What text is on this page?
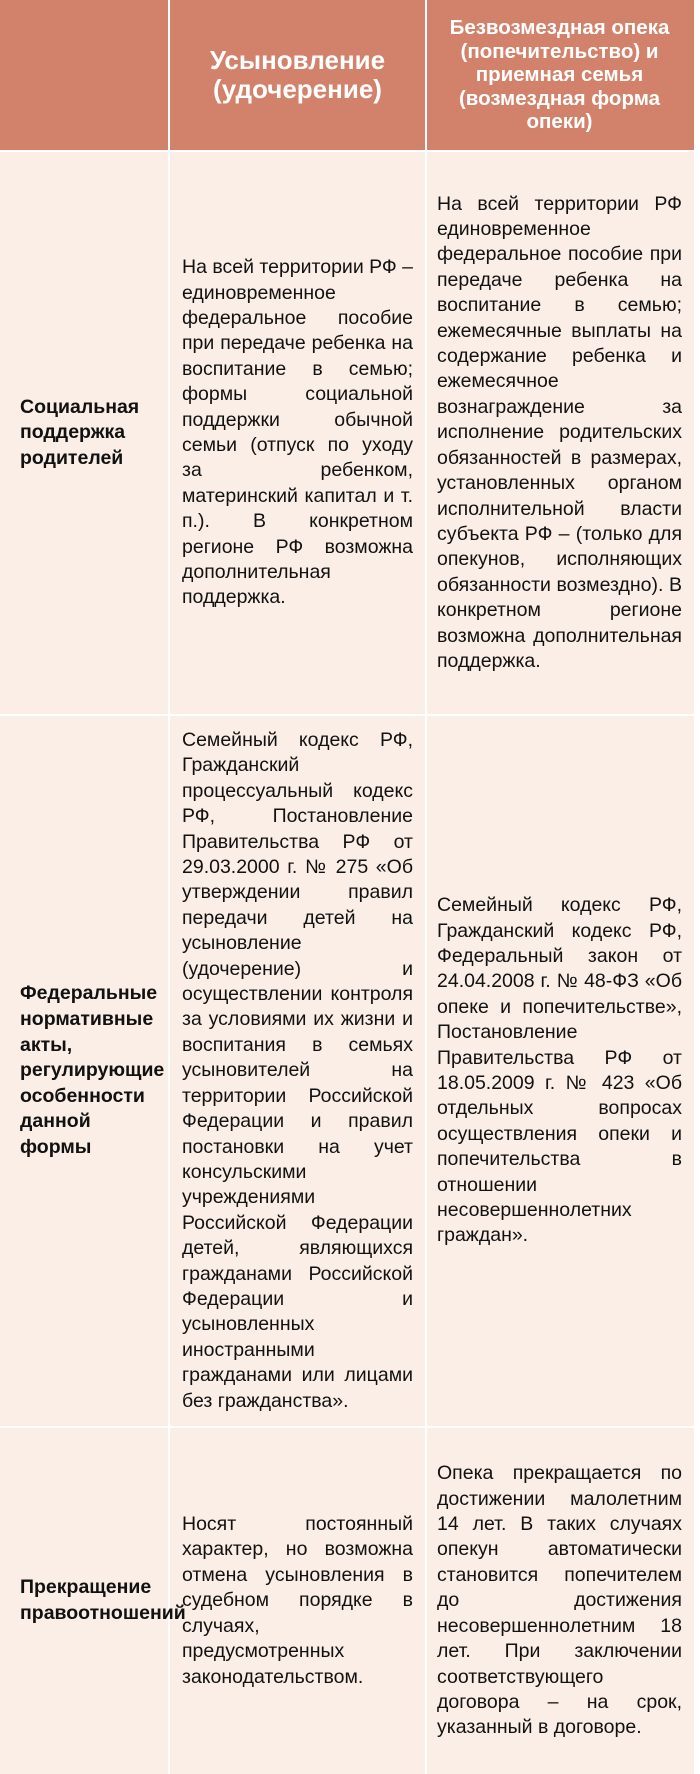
Усыновление (удочерение)
Безвозмездная опека (попечительство) и приемная семья (возмездная форма опеки)
Социальная поддержка родителей
На всей территории РФ – единовременное федеральное пособие при передаче ребенка на воспитание в семью; формы социальной поддержки обычной семьи (отпуск по уходу за ребенком, материнский капитал и т. п.). В конкретном регионе РФ возможна дополнительная поддержка.
На всей территории РФ единовременное федеральное пособие при передаче ребенка на воспитание в семью; ежемесячные выплаты на содержание ребенка и ежемесячное вознаграждение за исполнение родительских обязанностей в размерах, установленных органом исполнительной власти субъекта РФ – (только для опекунов, исполняющих обязанности возмездно). В конкретном регионе возможна дополнительная поддержка.
Федеральные нормативные акты, регулирующие особенности данной формы
Семейный кодекс РФ, Гражданский процессуальный кодекс РФ, Постановление Правительства РФ от 29.03.2000 г. № 275 «Об утверждении правил передачи детей на усыновление (удочерение) и осуществлении контроля за условиями их жизни и воспитания в семьях усыновителей на территории Российской Федерации и правил постановки на учет консульскими учреждениями Российской Федерации детей, являющихся гражданами Российской Федерации и усыновленных иностранными гражданами или лицами без гражданства».
Семейный кодекс РФ, Гражданский кодекс РФ, Федеральный закон от 24.04.2008 г. № 48-ФЗ «Об опеке и попечительстве», Постановление Правительства РФ от 18.05.2009 г. № 423 «Об отдельных вопросах осуществления опеки и попечительства в отношении несовершеннолетних граждан».
Прекращение правоотношений
Носят постоянный характер, но возможна отмена усыновления в судебном порядке в случаях, предусмотренных законодательством.
Опека прекращается по достижении малолетним 14 лет. В таких случаях опекун автоматически становится попечителем до достижения несовершеннолетним 18 лет. При заключении соответствующего договора – на срок, указанный в договоре.
